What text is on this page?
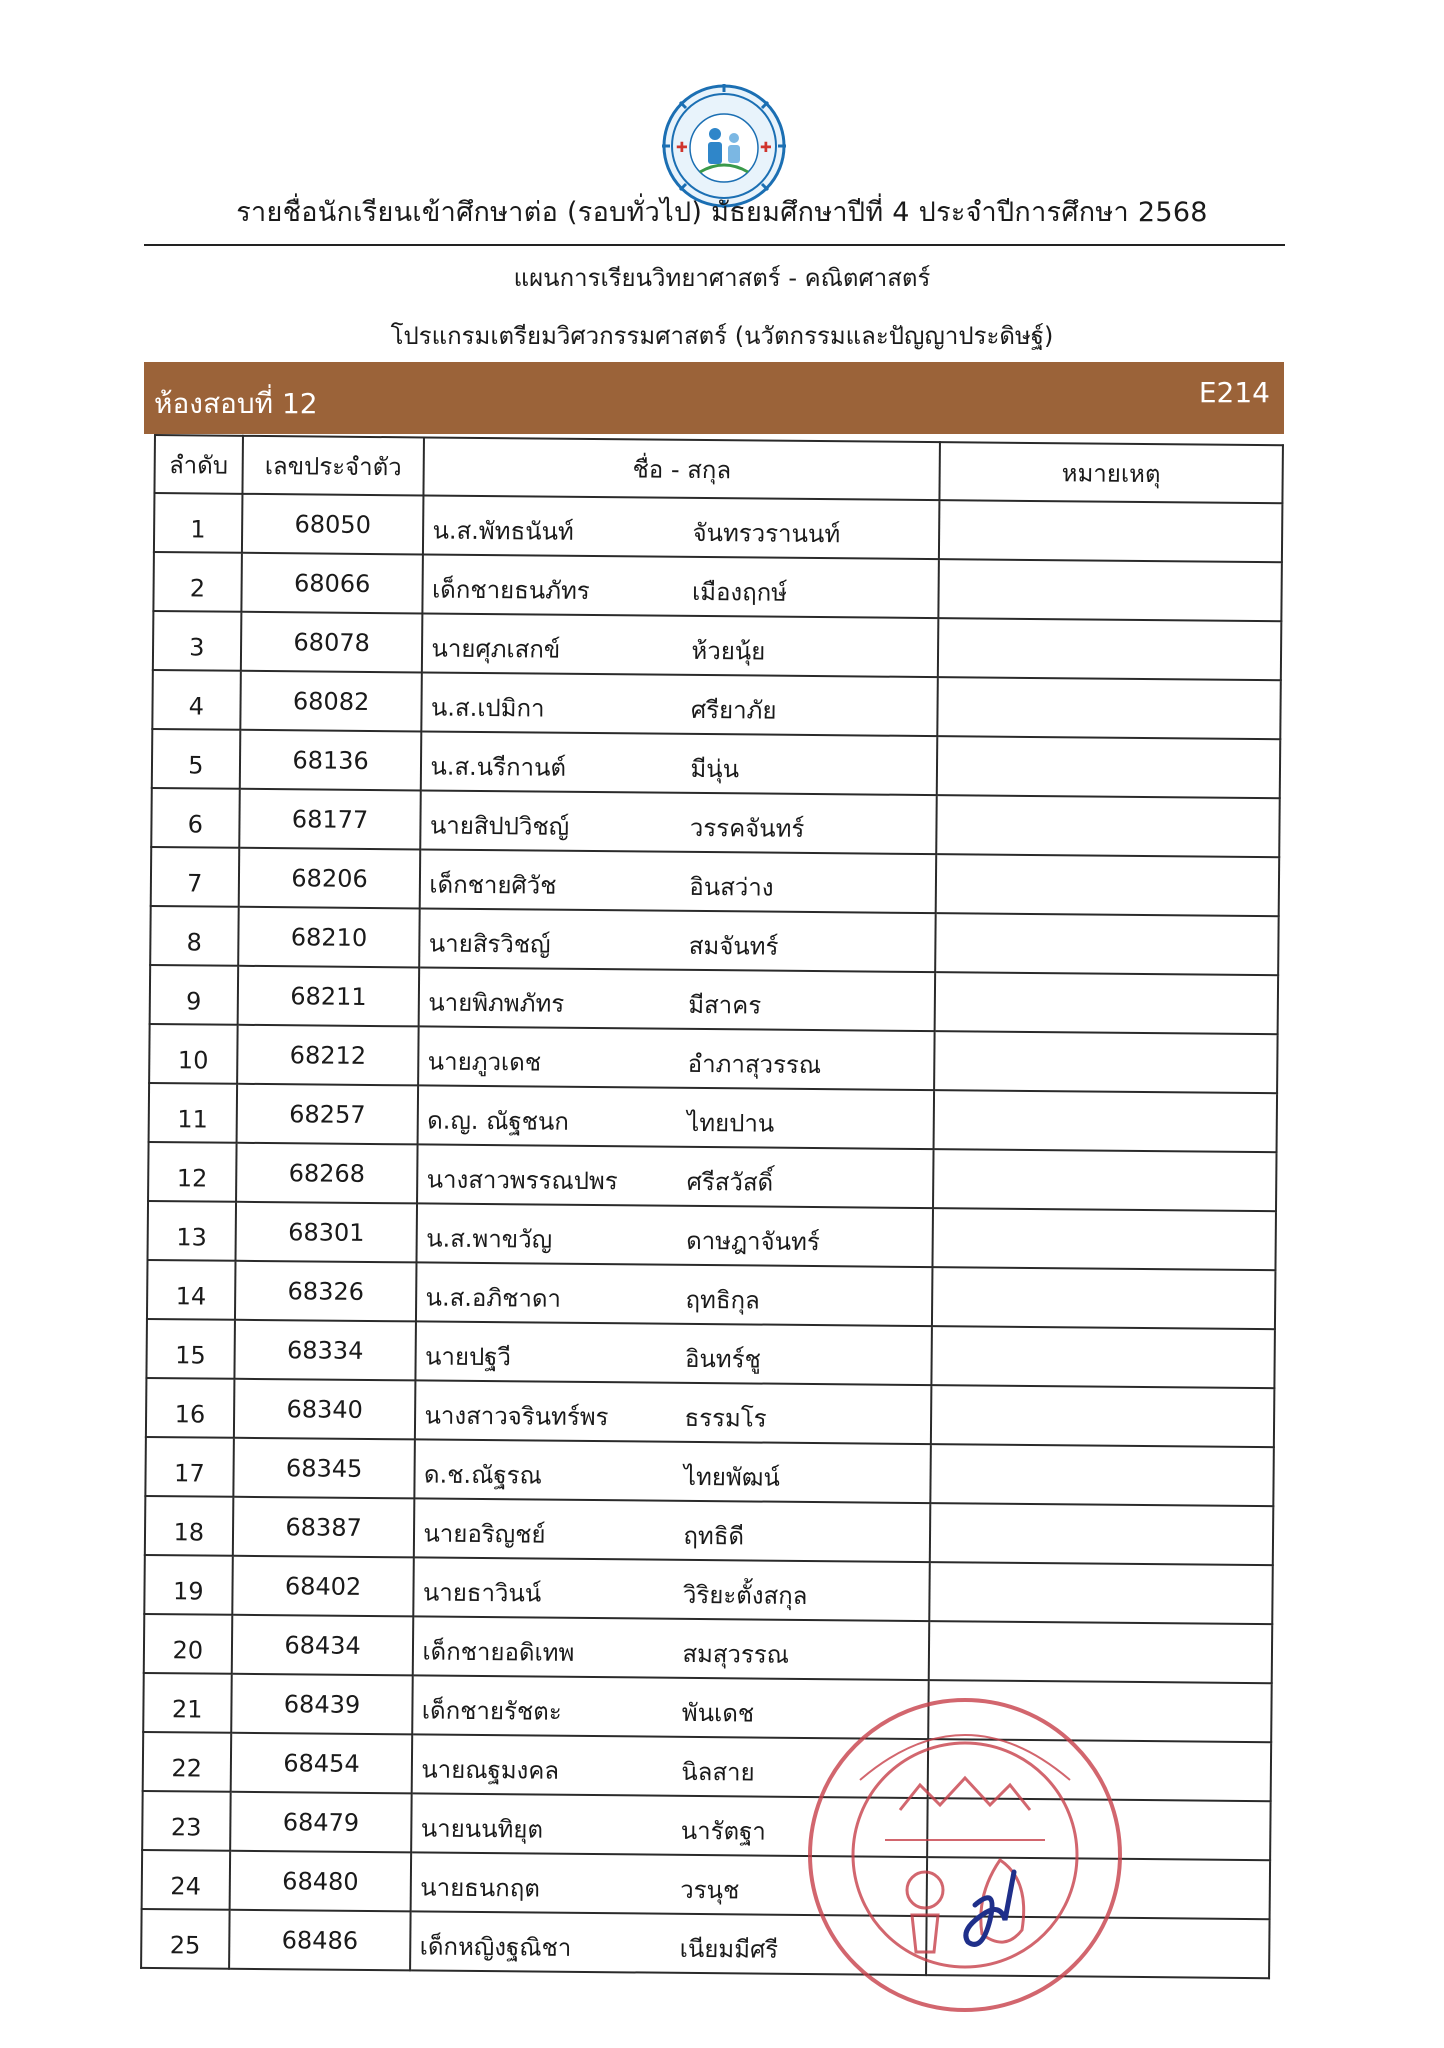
✚	✚
รายชื่อนักเรียนเข้าศึกษาต่อ (รอบทั่วไป) มัธยมศึกษาปีที่ 4 ประจำปีการศึกษา 2568
แผนการเรียนวิทยาศาสตร์ - คณิตศาสตร์
โปรแกรมเตรียมวิศวกรรมศาสตร์ (นวัตกรรมและปัญญาประดิษฐ์)
ห้องสอบที่ 12	E214
ลำดับ	เลขประจำตัว	ชื่อ - สกุล	หมายเหตุ
1	68050	น.ส.พัทธนันท์ จันทรวรานนท์	

2	68066	เด็กชายธนภัทร เมืองฤกษ์	

3	68078	นายศุภเสกข์ ห้วยนุ้ย	

4	68082	น.ส.เปมิกา ศรียาภัย	

5	68136	น.ส.นรีกานต์ มีนุ่น	

6	68177	นายสิปปวิชญ์ วรรคจันทร์	

7	68206	เด็กชายศิวัช อินสว่าง	

8	68210	นายสิรวิชญ์ สมจันทร์	

9	68211	นายพิภพภัทร มีสาคร	

10	68212	นายภูวเดช อำภาสุวรรณ	

11	68257	ด.ญ. ณัฐชนก ไทยปาน	

12	68268	นางสาวพรรณปพร ศรีสวัสดิ์	

13	68301	น.ส.พาขวัญ ดาษฎาจันทร์	

14	68326	น.ส.อภิชาดา ฤทธิกุล	

15	68334	นายปฐวี อินทร์ชู	

16	68340	นางสาวจรินทร์พร ธรรมโร	

17	68345	ด.ช.ณัฐรณ ไทยพัฒน์	

18	68387	นายอริญชย์ ฤทธิดี	

19	68402	นายธาวินน์ วิริยะตั้งสกุล	

20	68434	เด็กชายอดิเทพ สมสุวรรณ	

21	68439	เด็กชายรัชตะ พันเดช	

22	68454	นายณฐมงคล นิลสาย	

23	68479	นายนนทิยุต นารัตฐา	

24	68480	นายธนกฤต วรนุช	

25	68486	เด็กหญิงฐณิชา เนียมมีศรี	
